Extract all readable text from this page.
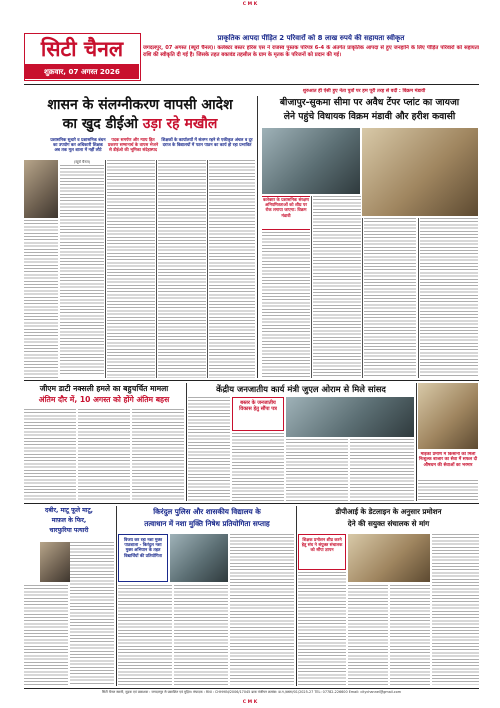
C M K
सिटी चैनल
शुक्रवार, 07 अगस्त 2026
प्राकृतिक आपदा पीड़ित 2 परिवारों को 8 लाख रुपये की सहायता स्वीकृत
जगदलपुर, 07 अगस्त (ब्यूरो चैनल)। कलेक्टर बस्तर हरिस एस ने राजस्व पुस्तक परिपत्र 6-4 के अंतर्गत प्राकृतिक आपदा से हुए जनहानि के लिए पीड़ित परिवारों को सहायता राशि की स्वीकृति दी गई है। जिसके तहत बकावंड तहसील के ग्राम के मृतक के परिजनों को प्रदान की गई।
शुरुआत ही ऐसी हुए नेता पुत्रों पर हम पूरी तरह से वर्दी : विक्रम मंडावी
शासन के संलग्नीकरण वापसी आदेश
का खुद डीईओ उड़ा रहे मखौल
प्रशासनिक सुधारे व प्रशासनिक बंधन का उपयोग कर अधिकारी शिक्षक अब तक मूल शाला में नहीं लौटे
पदक समर्पण और न्याय हित प्रकरण सम्मानार्थ के वापस भेजने से डीईओ की भूमिका संदेहास्पद
शिक्षकों के कार्यालयों में संलग्न रहने से एकीकृत अंचल व दूर दराज के विद्यालयों में पठन पाठन का कार्य हो रहा प्रभावित
(ब्यूरो चैनल)
बीजापुर-सुकमा सीमा पर अवैध टेंपर प्लांट का जायजा
लेने पहुंचे विधायक विक्रम मंडावी और हरीश कवासी
कलेक्टर के प्रशासनिक संरक्षण अनियमितताओं को शीघ्र पर रोक लगाया जाएगा: विक्रम मंडावी
जीएम डाटी नक्सली हमले का बहुचर्चित मामला
अंतिम दौर में, 10 अगस्त को होंगे अंतिम बहस
केंद्रीय जनजातीय कार्य मंत्री जुएल ओराम से मिले सांसद
बस्तर के जनजातीय विकास हेतु सौंपा पत्र
माइका प्रमाण में किसानों को मिली निःशुल्क बाजार का सेवा में सफल दी औषधम की सेवाओं का भरमार
दबीर, माटू फूले माटू,
माफ़ल के फिर,
चारफुरिया पत्यारी
किरंदुल पुलिस और शासकीय विद्यालय के
तत्वाधान में नशा मुक्ति निषेध प्रतियोगिता सप्ताह
विजय कर रहा नशा मुक्त पाठशाला - किरंदुल नशा मुक्त अभियान के तहत विद्यार्थियों की प्रतियोगिता
डीपीआई के डेटलाइन के अनुसार प्रमोशन
देने की सयुक्त संचालक से मांग
शिक्षक प्रमोशन शीघ्र करने हेतु संघ ने संयुक्त संचालक को सौंपा ज्ञापन
सिटी चैनल स्वामी, मुद्रक एवं प्रकाशक : जगदलपुर से प्रकाशित एवं मुद्रित। संपादक : RNI : CHHHIN/2006/17045 डाक पंजीयन क्रमांक: छ.ग./बस्तर/01/2025-27 TEL: 07782-226600 Email: citychannel@gmail.com
C M K
